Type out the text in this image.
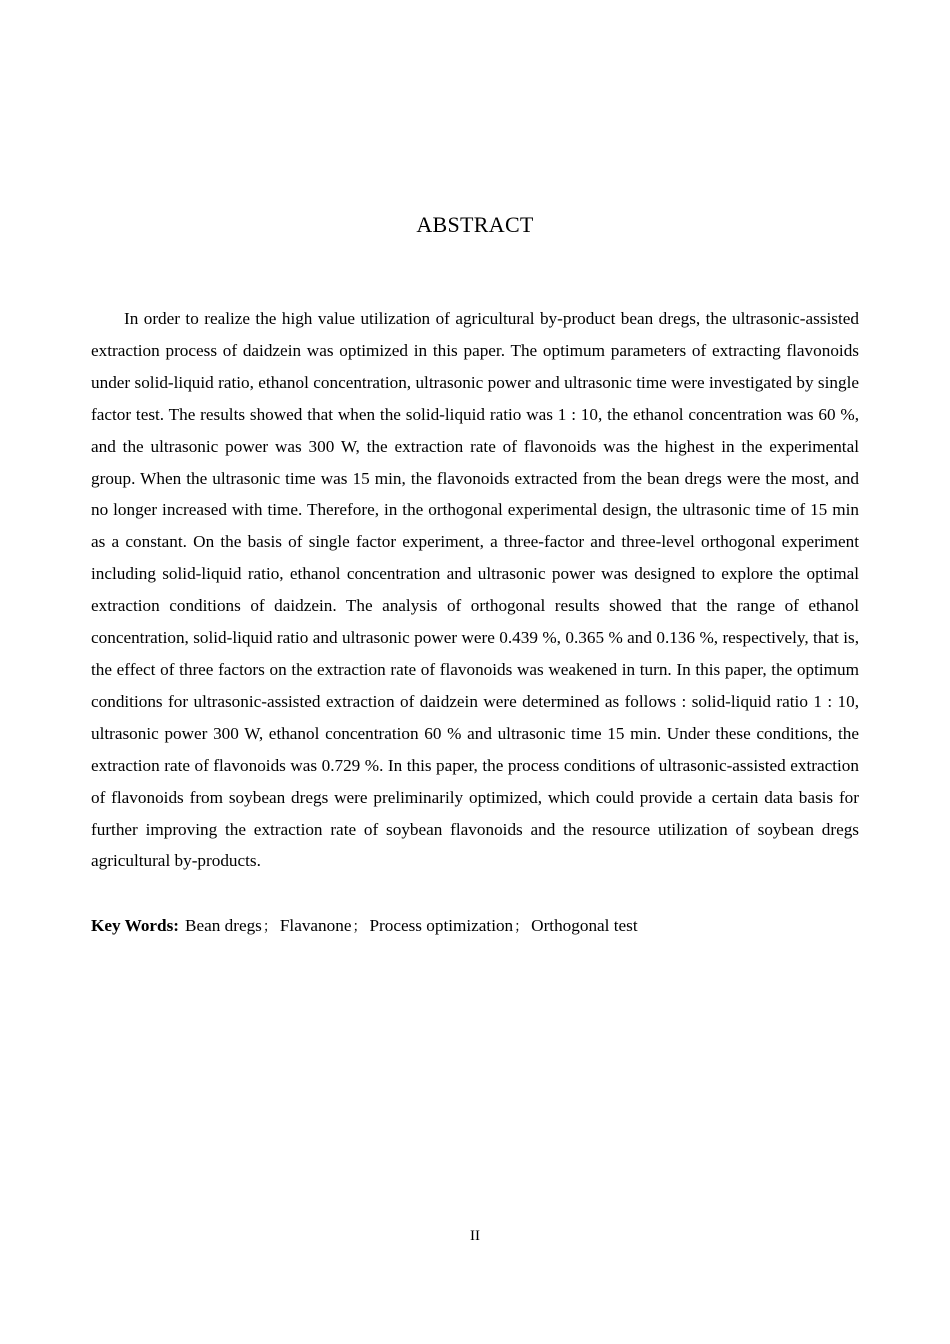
ABSTRACT

In order to realize the high value utilization of agricultural by-product bean dregs, the ultrasonic-assisted extraction process of daidzein was optimized in this paper. The optimum parameters of extracting flavonoids under solid-liquid ratio, ethanol concentration, ultrasonic power and ultrasonic time were investigated by single factor test. The results showed that when the solid-liquid ratio was 1 : 10, the ethanol concentration was 60 %, and the ultrasonic power was 300 W, the extraction rate of flavonoids was the highest in the experimental group. When the ultrasonic time was 15 min, the flavonoids extracted from the bean dregs were the most, and no longer increased with time. Therefore, in the orthogonal experimental design, the ultrasonic time of 15 min as a constant. On the basis of single factor experiment, a three-factor and three-level orthogonal experiment including solid-liquid ratio, ethanol concentration and ultrasonic power was designed to explore the optimal extraction conditions of daidzein. The analysis of orthogonal results showed that the range of ethanol concentration, solid-liquid ratio and ultrasonic power were 0.439 %, 0.365 % and 0.136 %, respectively, that is, the effect of three factors on the extraction rate of flavonoids was weakened in turn. In this paper, the optimum conditions for ultrasonic-assisted extraction of daidzein were determined as follows : solid-liquid ratio 1 : 10, ultrasonic power 300 W, ethanol concentration 60 % and ultrasonic time 15 min. Under these conditions, the extraction rate of flavonoids was 0.729 %. In this paper, the process conditions of ultrasonic-assisted extraction of flavonoids from soybean dregs were preliminarily optimized, which could provide a certain data basis for further improving the extraction rate of soybean flavonoids and the resource utilization of soybean dregs agricultural by-products.

Key Words: Bean dregs； Flavanone； Process optimization； Orthogonal test

II
